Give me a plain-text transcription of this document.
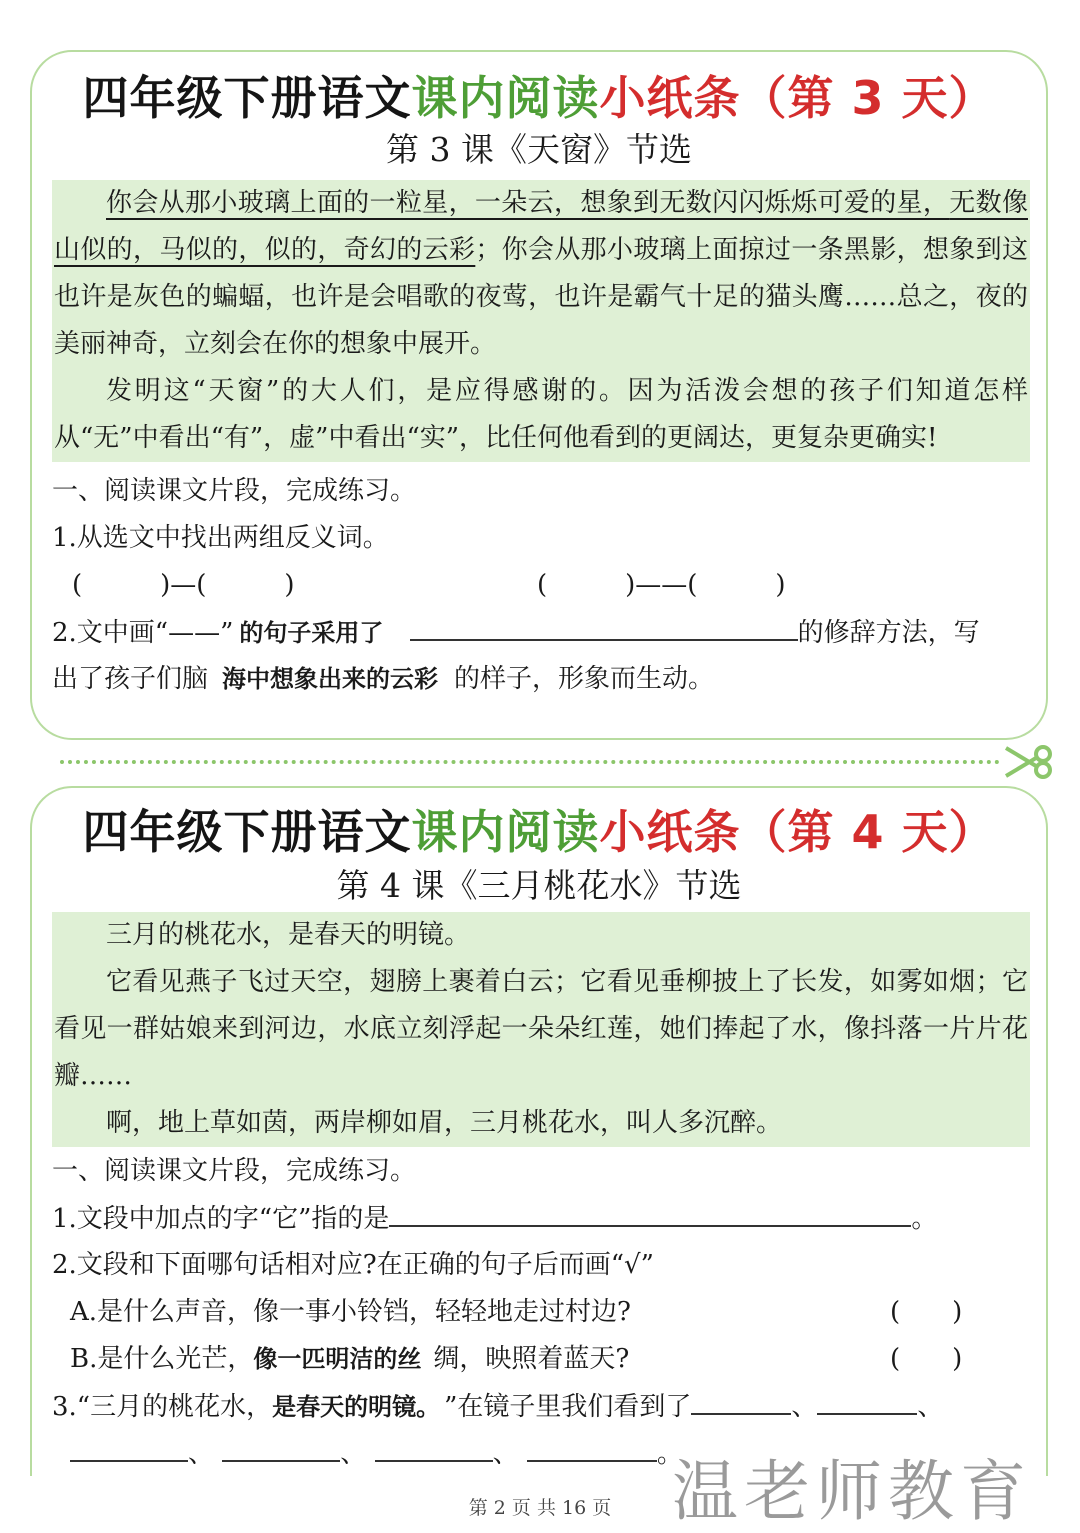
四年级下册语文课内阅读小纸条（第 3 天）
第 3 课《天窗》节选

你会从那小玻璃上面的一粒星，一朵云，想象到无数闪闪烁烁可爱的星，无数像山似的，马似的，似的，奇幻的云彩；你会从那小玻璃上面掠过一条黑影，想象到这也许是灰色的蝙蝠，也许是会唱歌的夜莺，也许是霸气十足的猫头鹰……总之，夜的美丽神奇，立刻会在你的想象中展开。

发明这“天窗”的大人们，是应得感谢的。因为活泼会想的孩子们知道怎样从“无”中看出“有”，虚”中看出“实”，比任何他看到的更阔达，更复杂更确实!

一、阅读课文片段，完成练习。
1.从选文中找出两组反义词。
(　　　)—(　　　)	(　　　)——(　　　)
2.文中画“——” 的句子采用了	的修辞方法，写
出了孩子们脑 海中想象出来的云彩 的样子，形象而生动。
四年级下册语文课内阅读小纸条（第 4 天）
第 4 课《三月桃花水》节选

三月的桃花水，是春天的明镜。

它看见燕子飞过天空，翅膀上裹着白云；它看见垂柳披上了长发，如雾如烟；它看见一群姑娘来到河边，水底立刻浮起一朵朵红莲，她们捧起了水，像抖落一片片花瓣……

啊，地上草如茵，两岸柳如眉，三月桃花水，叫人多沉醉。

一、阅读课文片段，完成练习。
1.文段中加点的字“它”指的是	。
2.文段和下面哪句话相对应?在正确的句子后而画“√”
A.是什么声音，像一事小铃铛，轻轻地走过村边?	(　　)
B.是什么光芒，像一匹明洁的丝 绸，映照着蓝天?	(　　)
3.“三月的桃花水，是春天的明镜。 ”在镜子里我们看到了	、	、
、	、	、	。
第 2 页 共 16 页 温老师教育
